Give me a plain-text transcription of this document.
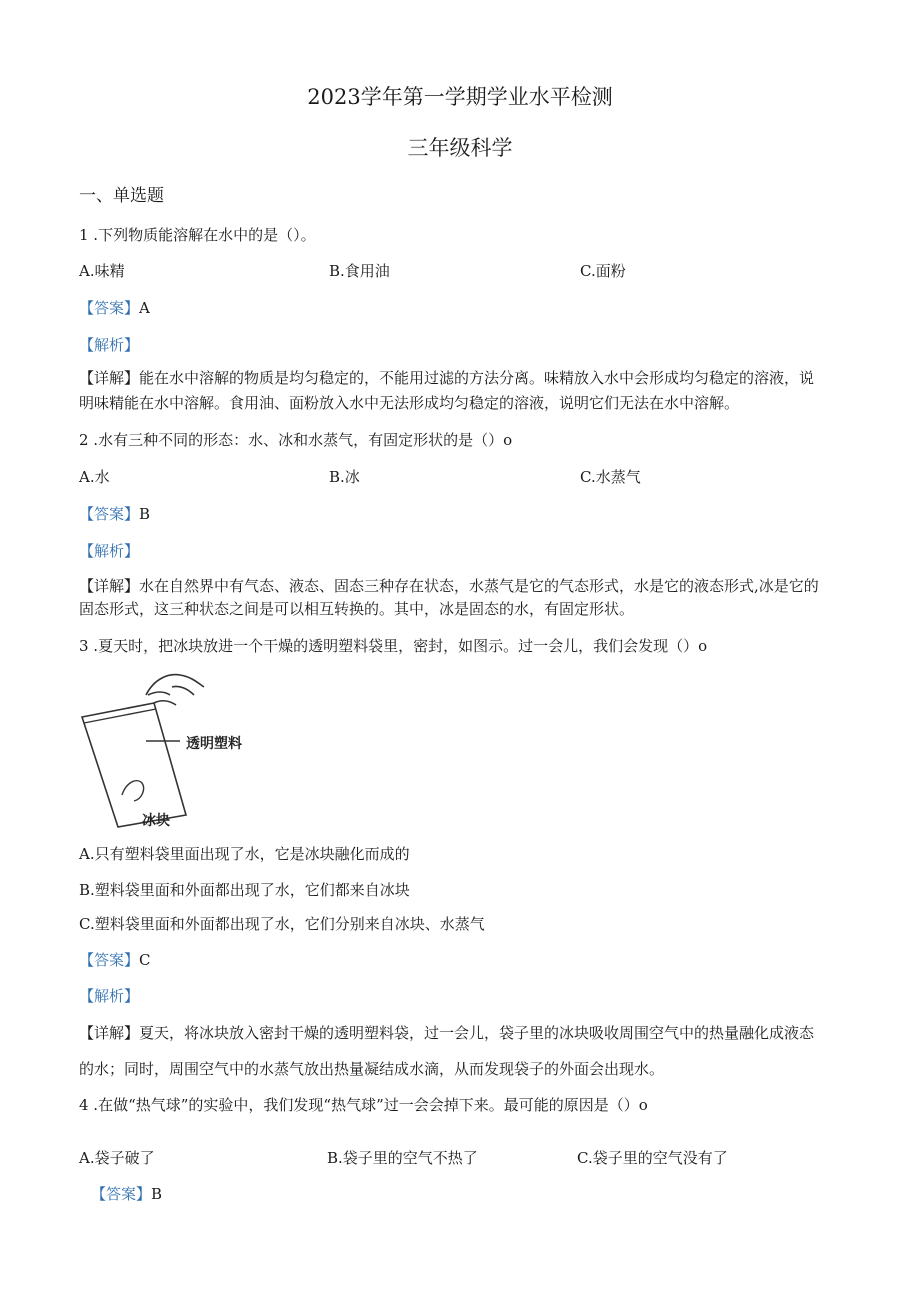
2023学年第一学期学业水平检测
三年级科学
一、单选题
1 .下列物质能溶解在水中的是（）。
A.味精	B.食用油	C.面粉
【答案】A
【解析】
【详解】能在水中溶解的物质是均匀稳定的，不能用过滤的方法分离。味精放入水中会形成均匀稳定的溶液，说
明味精能在水中溶解。食用油、面粉放入水中无法形成均匀稳定的溶液，说明它们无法在水中溶解。
2 .水有三种不同的形态：水、冰和水蒸气，有固定形状的是（）o
A.水	B.冰	C.水蒸气
【答案】B
【解析】
【详解】水在自然界中有气态、液态、固态三种存在状态，水蒸气是它的气态形式，水是它的液态形式,冰是它的
固态形式，这三种状态之间是可以相互转换的。其中，冰是固态的水，有固定形状。
3 .夏天时，把冰块放进一个干燥的透明塑料袋里，密封，如图示。过一会儿，我们会发现（）o
透明塑料
冰块
A.只有塑料袋里面出现了水，它是冰块融化而成的
B.塑料袋里面和外面都出现了水，它们都来自冰块
C.塑料袋里面和外面都出现了水，它们分别来自冰块、水蒸气
【答案】C
【解析】
【详解】夏天，将冰块放入密封干燥的透明塑料袋，过一会儿，袋子里的冰块吸收周围空气中的热量融化成液态
的水；同时，周围空气中的水蒸气放出热量凝结成水滴，从而发现袋子的外面会出现水。
4 .在做“热气球”的实验中，我们发现“热气球”过一会会掉下来。最可能的原因是（）o
A.袋子破了	B.袋子里的空气不热了	C.袋子里的空气没有了
【答案】B
